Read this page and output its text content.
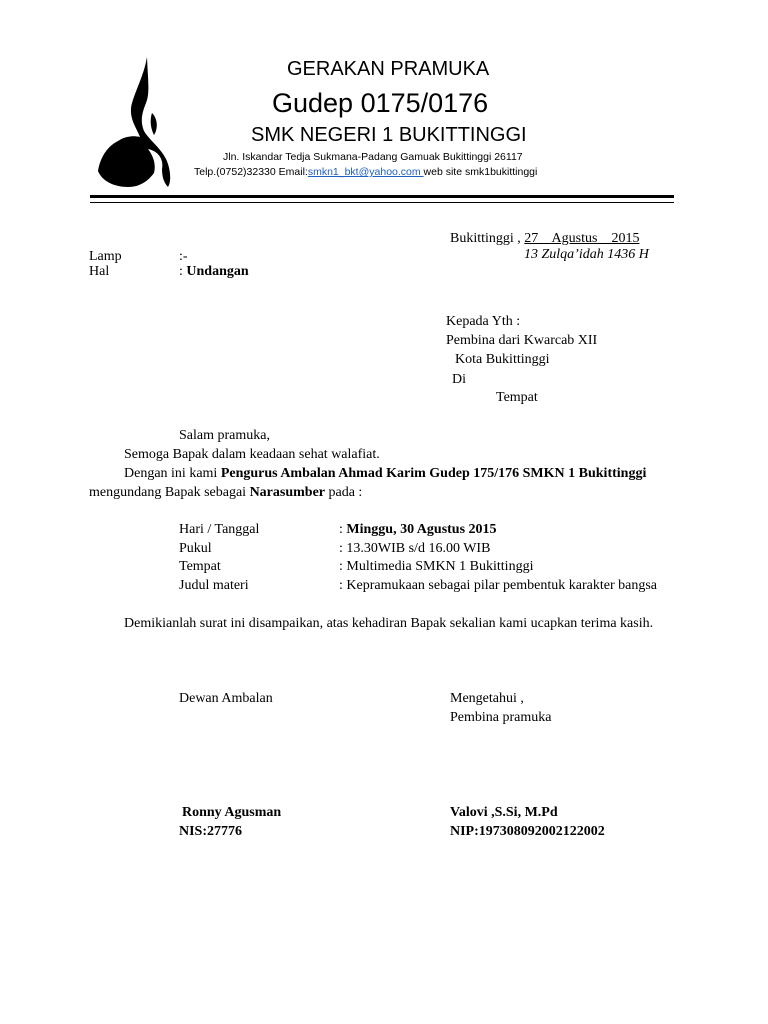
GERAKAN PRAMUKA
Gudep 0175/0176
SMK NEGERI 1 BUKITTINGGI
Jln. Iskandar Tedja Sukmana-Padang Gamuak Bukittinggi 26117
Telp.(0752)32330 Email:smkn1_bkt@yahoo.com web site smk1bukittinggi
Bukittinggi , 27 Agustus 2015
13 Zulqa’idah 1436 H
Lamp	:-
Hal	: Undangan
Kepada Yth :
Pembina dari Kwarcab XII
Kota Bukittinggi
Di
Tempat
Salam pramuka,
Semoga Bapak dalam keadaan sehat walafiat.
Dengan ini kami Pengurus Ambalan Ahmad Karim Gudep 175/176 SMKN 1 Bukittinggi
mengundang Bapak sebagai Narasumber pada :
Hari / Tanggal	: Minggu, 30 Agustus 2015
Pukul	: 13.30WIB s/d 16.00 WIB
Tempat	: Multimedia SMKN 1 Bukittinggi
Judul materi	: Kepramukaan sebagai pilar pembentuk karakter bangsa
Demikianlah surat ini disampaikan, atas kehadiran Bapak sekalian kami ucapkan terima kasih.
Dewan Ambalan	Mengetahui ,
Pembina pramuka
Ronny Agusman
NIS:27776
Valovi ,S.Si, M.Pd
NIP:197308092002122002
